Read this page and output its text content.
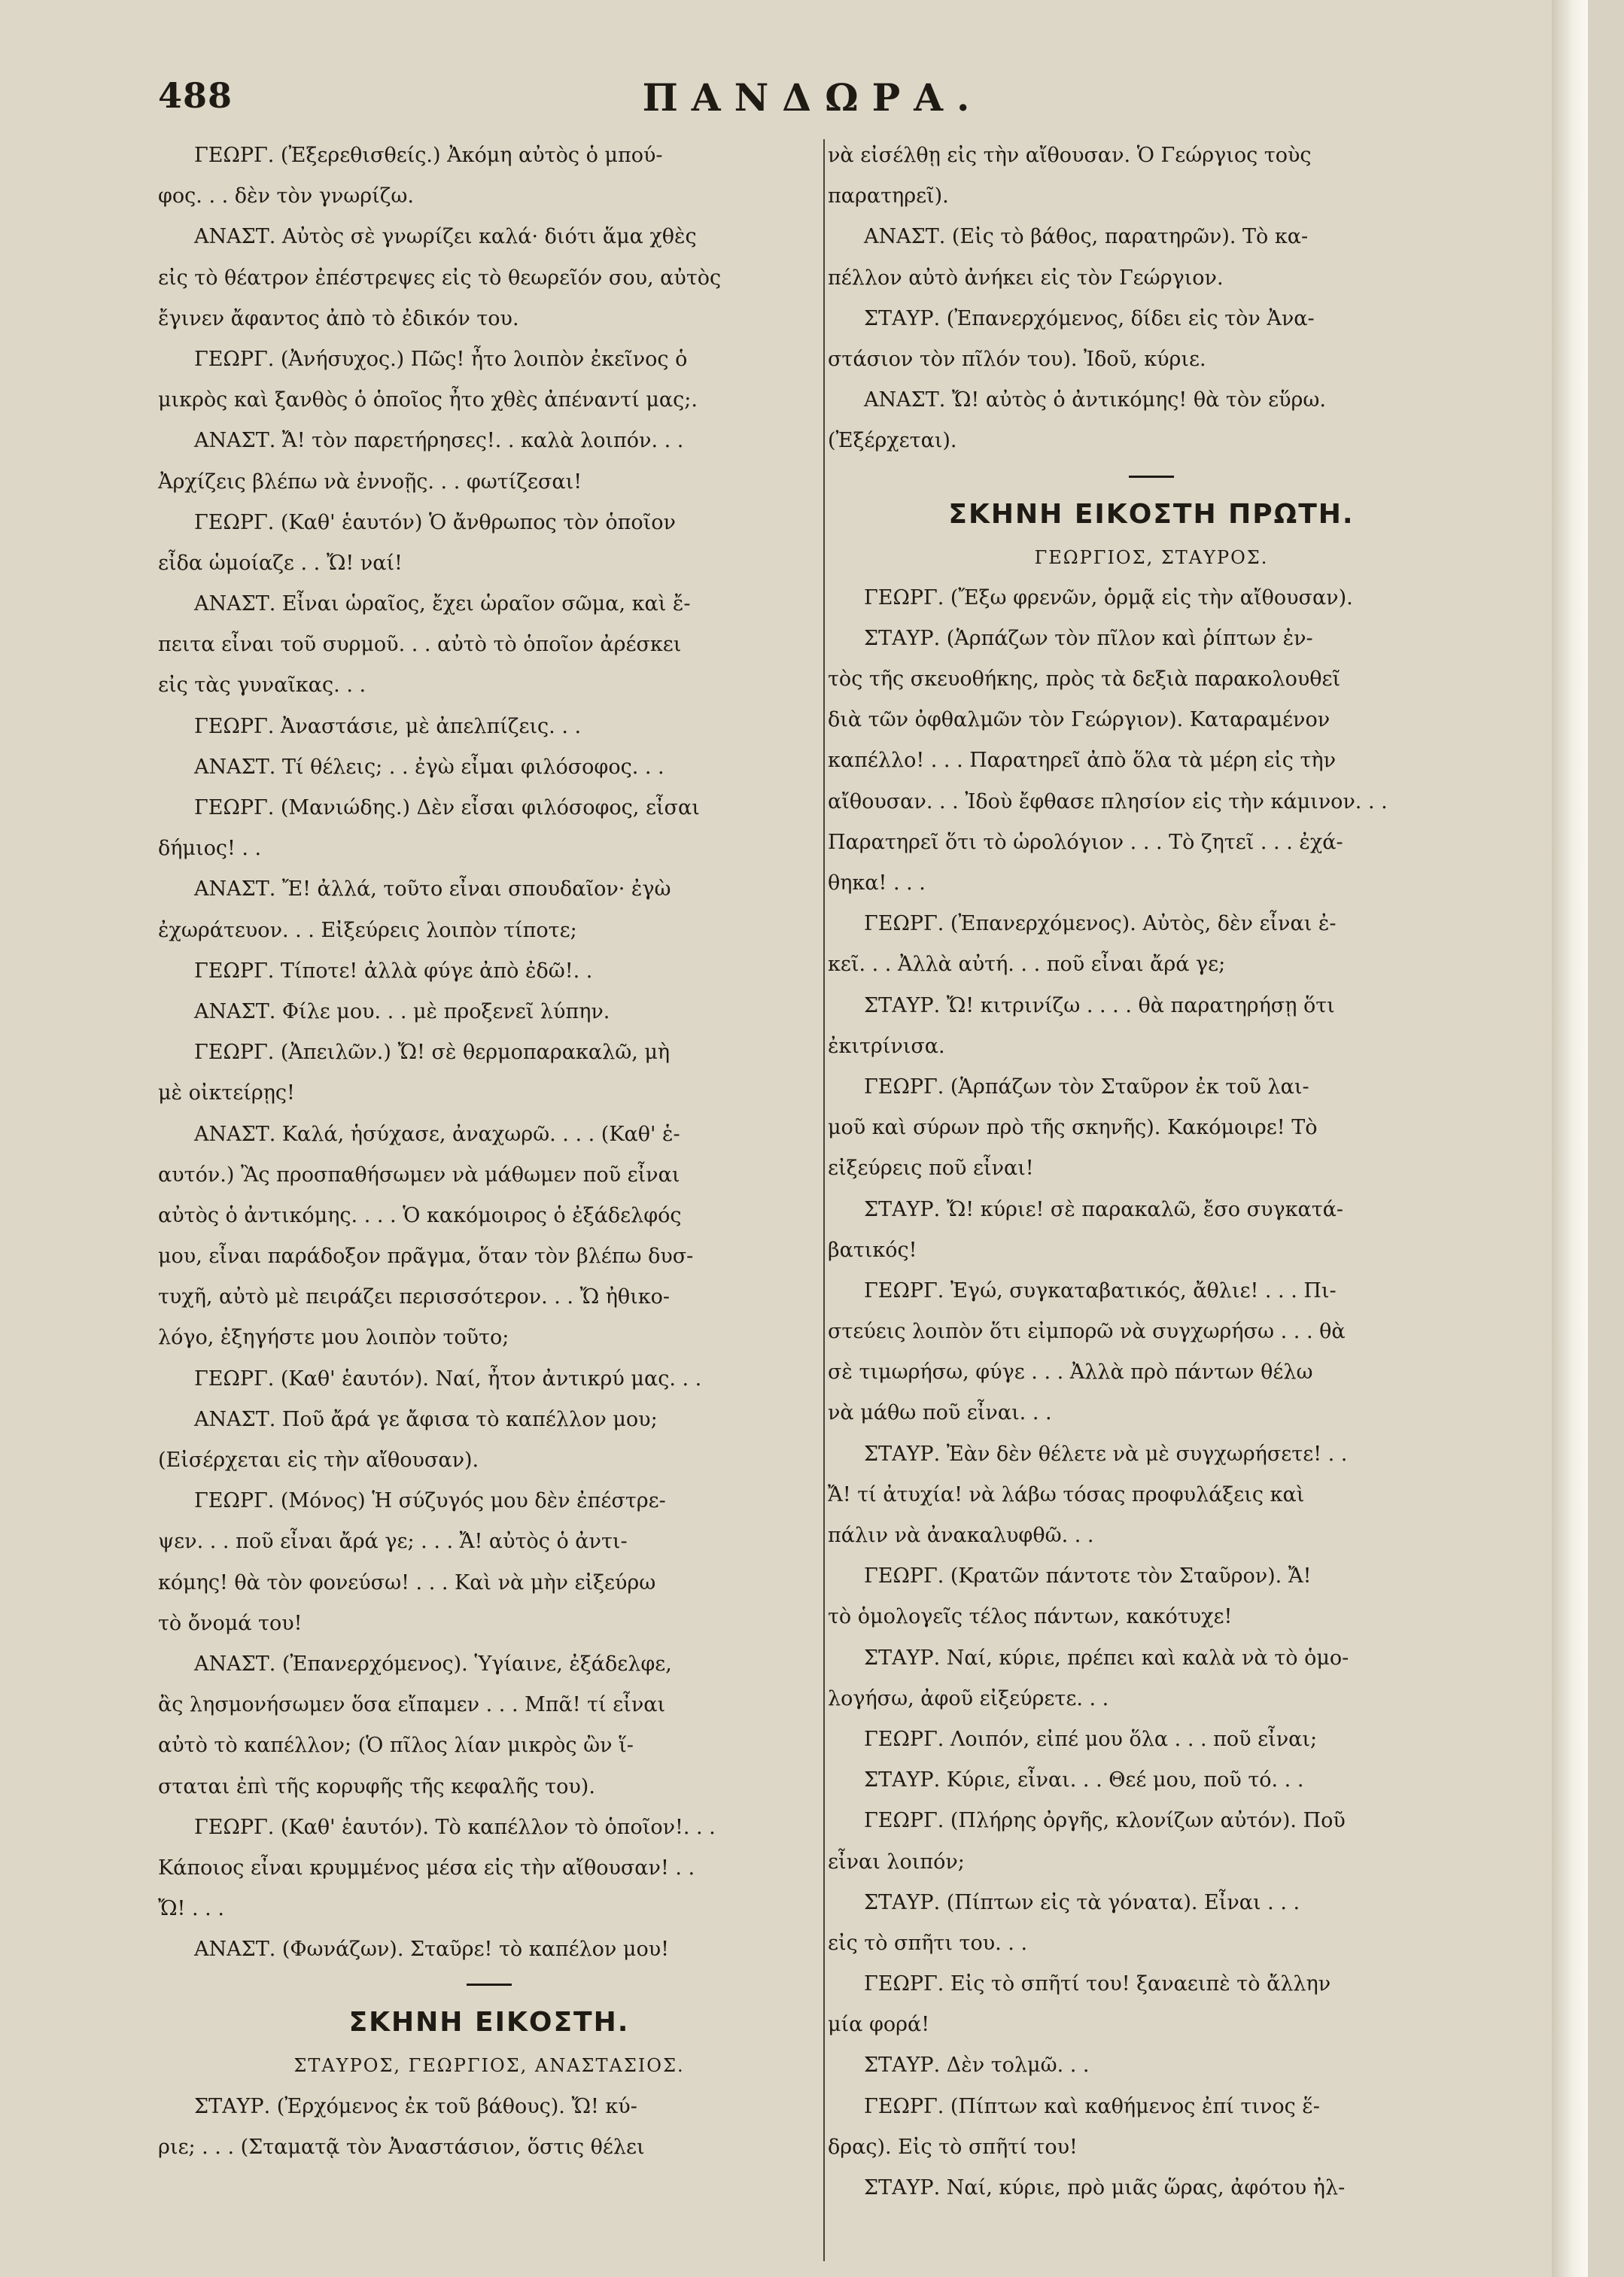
488	ΠΑΝΔΩΡΑ.
ΓΕΩΡΓ. (Ἐξερεθισθείς.) Ἀκόμη αὐτὸς ὁ μπού-
φος. . . δὲν τὸν γνωρίζω.
ΑΝΑΣΤ. Αὐτὸς σὲ γνωρίζει καλά· διότι ἅμα χθὲς
εἰς τὸ θέατρον ἐπέστρεψες εἰς τὸ θεωρεῖόν σου, αὐτὸς
ἔγινεν ἄφαντος ἀπὸ τὸ ἐδικόν του.
ΓΕΩΡΓ. (Ἀνήσυχος.) Πῶς! ἦτο λοιπὸν ἐκεῖνος ὁ
μικρὸς καὶ ξανθὸς ὁ ὁποῖος ἦτο χθὲς ἀπέναντί μας;.
ΑΝΑΣΤ. Ἄ! τὸν παρετήρησες!. . καλὰ λοιπόν. . .
Ἀρχίζεις βλέπω νὰ ἐννοῇς. . . φωτίζεσαι!
ΓΕΩΡΓ. (Καθ' ἑαυτόν) Ὁ ἄνθρωπος τὸν ὁποῖον
εἶδα ὡμοίαζε . . Ὤ! ναί!
ΑΝΑΣΤ. Εἶναι ὡραῖος, ἔχει ὡραῖον σῶμα, καὶ ἔ-
πειτα εἶναι τοῦ συρμοῦ. . . αὐτὸ τὸ ὁποῖον ἀρέσκει
εἰς τὰς γυναῖκας. . .
ΓΕΩΡΓ. Ἀναστάσιε, μὲ ἀπελπίζεις. . .
ΑΝΑΣΤ. Τί θέλεις; . . ἐγὼ εἶμαι φιλόσοφος. . .
ΓΕΩΡΓ. (Μανιώδης.) Δὲν εἶσαι φιλόσοφος, εἶσαι
δήμιος! . .
ΑΝΑΣΤ. Ἔ! ἀλλά, τοῦτο εἶναι σπουδαῖον· ἐγὼ
ἐχωράτευον. . . Εἰξεύρεις λοιπὸν τίποτε;
ΓΕΩΡΓ. Τίποτε! ἀλλὰ φύγε ἀπὸ ἐδῶ!. .
ΑΝΑΣΤ. Φίλε μου. . . μὲ προξενεῖ λύπην.
ΓΕΩΡΓ. (Ἀπειλῶν.) Ὤ! σὲ θερμοπαρακαλῶ, μὴ
μὲ οἰκτείρῃς!
ΑΝΑΣΤ. Καλά, ἡσύχασε, ἀναχωρῶ. . . . (Καθ' ἑ-
αυτόν.) Ἂς προσπαθήσωμεν νὰ μάθωμεν ποῦ εἶναι
αὐτὸς ὁ ἀντικόμης. . . . Ὁ κακόμοιρος ὁ ἐξάδελφός
μου, εἶναι παράδοξον πρᾶγμα, ὅταν τὸν βλέπω δυσ-
τυχῆ, αὐτὸ μὲ πειράζει περισσότερον. . . Ὤ ἠθικο-
λόγο, ἐξηγήστε μου λοιπὸν τοῦτο;
ΓΕΩΡΓ. (Καθ' ἑαυτόν). Ναί, ἦτον ἀντικρύ μας. . .
ΑΝΑΣΤ. Ποῦ ἄρά γε ἄφισα τὸ καπέλλον μου;
(Εἰσέρχεται εἰς τὴν αἴθουσαν).
ΓΕΩΡΓ. (Μόνος) Ἡ σύζυγός μου δὲν ἐπέστρε-
ψεν. . . ποῦ εἶναι ἄρά γε; . . . Ἄ! αὐτὸς ὁ ἀντι-
κόμης! θὰ τὸν φονεύσω! . . . Καὶ νὰ μὴν εἰξεύρω
τὸ ὄνομά του!
ΑΝΑΣΤ. (Ἐπανερχόμενος). Ὑγίαινε, ἐξάδελφε,
ἂς λησμονήσωμεν ὅσα εἴπαμεν . . . Μπᾶ! τί εἶναι
αὐτὸ τὸ καπέλλον; (Ὁ πῖλος λίαν μικρὸς ὢν ἵ-
σταται ἐπὶ τῆς κορυφῆς τῆς κεφαλῆς του).
ΓΕΩΡΓ. (Καθ' ἑαυτόν). Τὸ καπέλλον τὸ ὁποῖον!. . .
Κάποιος εἶναι κρυμμένος μέσα εἰς τὴν αἴθουσαν! . .
Ὤ! . . .
ΑΝΑΣΤ. (Φωνάζων). Σταῦρε! τὸ καπέλον μου!
ΣΚΗΝΗ ΕΙΚΟΣΤΗ.
ΣΤΑΥΡΟΣ, ΓΕΩΡΓΙΟΣ, ΑΝΑΣΤΑΣΙΟΣ.
ΣΤΑΥΡ. (Ἐρχόμενος ἐκ τοῦ βάθους). Ὤ! κύ-
ριε; . . . (Σταματᾷ τὸν Ἀναστάσιον, ὅστις θέλει
νὰ εἰσέλθῃ εἰς τὴν αἴθουσαν. Ὁ Γεώργιος τοὺς
παρατηρεῖ).
ΑΝΑΣΤ. (Εἰς τὸ βάθος, παρατηρῶν). Τὸ κα-
πέλλον αὐτὸ ἀνήκει εἰς τὸν Γεώργιον.
ΣΤΑΥΡ. (Ἐπανερχόμενος, δίδει εἰς τὸν Ἀνα-
στάσιον τὸν πῖλόν του). Ἰδοῦ, κύριε.
ΑΝΑΣΤ. Ὤ! αὐτὸς ὁ ἀντικόμης! θὰ τὸν εὕρω.
(Ἐξέρχεται).
ΣΚΗΝΗ ΕΙΚΟΣΤΗ ΠΡΩΤΗ.
ΓΕΩΡΓΙΟΣ, ΣΤΑΥΡΟΣ.
ΓΕΩΡΓ. (Ἔξω φρενῶν, ὁρμᾷ εἰς τὴν αἴθουσαν).
ΣΤΑΥΡ. (Ἁρπάζων τὸν πῖλον καὶ ῥίπτων ἐν-
τὸς τῆς σκευοθήκης, πρὸς τὰ δεξιὰ παρακολουθεῖ
διὰ τῶν ὀφθαλμῶν τὸν Γεώργιον). Καταραμένον
καπέλλο! . . . Παρατηρεῖ ἀπὸ ὅλα τὰ μέρη εἰς τὴν
αἴθουσαν. . . Ἰδοὺ ἔφθασε πλησίον εἰς τὴν κάμινον. . .
Παρατηρεῖ ὅτι τὸ ὡρολόγιον . . . Τὸ ζητεῖ . . . ἐχά-
θηκα! . . .
ΓΕΩΡΓ. (Ἐπανερχόμενος). Αὐτὸς, δὲν εἶναι ἐ-
κεῖ. . . Ἀλλὰ αὐτή. . . ποῦ εἶναι ἄρά γε;
ΣΤΑΥΡ. Ὤ! κιτρινίζω . . . . θὰ παρατηρήσῃ ὅτι
ἐκιτρίνισα.
ΓΕΩΡΓ. (Ἁρπάζων τὸν Σταῦρον ἐκ τοῦ λαι-
μοῦ καὶ σύρων πρὸ τῆς σκηνῆς). Κακόμοιρε! Τὸ
εἰξεύρεις ποῦ εἶναι!
ΣΤΑΥΡ. Ὤ! κύριε! σὲ παρακαλῶ, ἔσο συγκατά-
βατικός!
ΓΕΩΡΓ. Ἐγώ, συγκαταβατικός, ἄθλιε! . . . Πι-
στεύεις λοιπὸν ὅτι εἰμπορῶ νὰ συγχωρήσω . . . θὰ
σὲ τιμωρήσω, φύγε . . . Ἀλλὰ πρὸ πάντων θέλω
νὰ μάθω ποῦ εἶναι. . .
ΣΤΑΥΡ. Ἐὰν δὲν θέλετε νὰ μὲ συγχωρήσετε! . .
Ἄ! τί ἀτυχία! νὰ λάβω τόσας προφυλάξεις καὶ
πάλιν νὰ ἀνακαλυφθῶ. . .
ΓΕΩΡΓ. (Κρατῶν πάντοτε τὸν Σταῦρον). Ἄ!
τὸ ὁμολογεῖς τέλος πάντων, κακότυχε!
ΣΤΑΥΡ. Ναί, κύριε, πρέπει καὶ καλὰ νὰ τὸ ὁμο-
λογήσω, ἀφοῦ εἰξεύρετε. . .
ΓΕΩΡΓ. Λοιπόν, εἰπέ μου ὅλα . . . ποῦ εἶναι;
ΣΤΑΥΡ. Κύριε, εἶναι. . . Θεέ μου, ποῦ τό. . .
ΓΕΩΡΓ. (Πλήρης ὀργῆς, κλονίζων αὐτόν). Ποῦ
εἶναι λοιπόν;
ΣΤΑΥΡ. (Πίπτων εἰς τὰ γόνατα). Εἶναι . . .
εἰς τὸ σπῆτι του. . .
ΓΕΩΡΓ. Εἰς τὸ σπῆτί του! ξαναειπὲ τὸ ἄλλην
μία φορά!
ΣΤΑΥΡ. Δὲν τολμῶ. . .
ΓΕΩΡΓ. (Πίπτων καὶ καθήμενος ἐπί τινος ἕ-
δρας). Εἰς τὸ σπῆτί του!
ΣΤΑΥΡ. Ναί, κύριε, πρὸ μιᾶς ὥρας, ἀφότου ἠλ-
